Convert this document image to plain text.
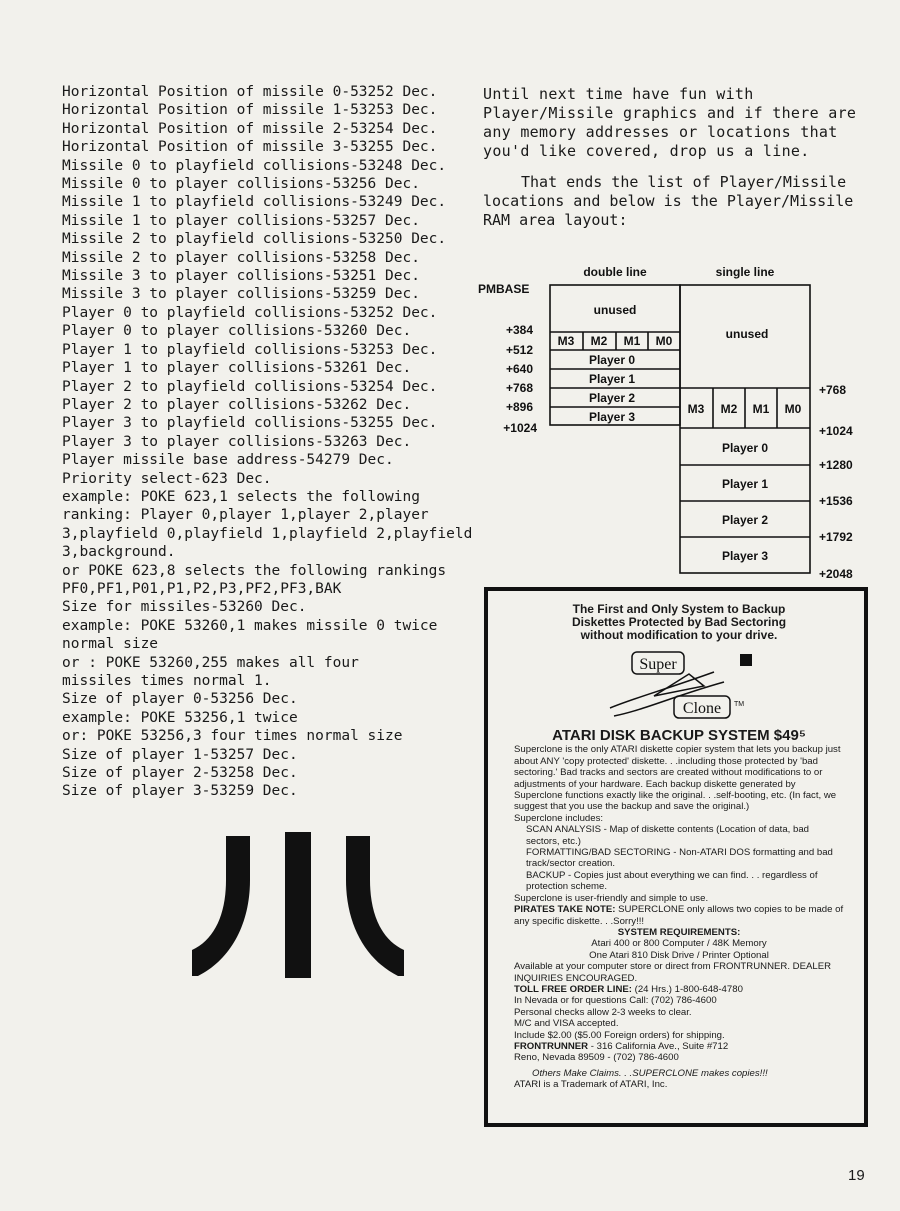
Horizontal Position of missile 0-53252 Dec.
Horizontal Position of missile 1-53253 Dec.
Horizontal Position of missile 2-53254 Dec.
Horizontal Position of missile 3-53255 Dec.
Missile 0 to playfield collisions-53248 Dec.
Missile 0 to player collisions-53256 Dec.
Missile 1 to playfield collisions-53249 Dec.
Missile 1 to player collisions-53257 Dec.
Missile 2 to playfield collisions-53250 Dec.
Missile 2 to player collisions-53258 Dec.
Missile 3 to player collisions-53251 Dec.
Missile 3 to player collisions-53259 Dec.
Player 0 to playfield collisions-53252 Dec.
Player 0 to player collisions-53260 Dec.
Player 1 to playfield collisions-53253 Dec.
Player 1 to player collisions-53261 Dec.
Player 2 to playfield collisions-53254 Dec.
Player 2 to player collisions-53262 Dec.
Player 3 to playfield collisions-53255 Dec.
Player 3 to player collisions-53263 Dec.
Player missile base address-54279 Dec.
Priority select-623 Dec.
example: POKE 623,1 selects the following
ranking: Player 0,player 1,player 2,player
3,playfield 0,playfield 1,playfield 2,playfield
3,background.
or POKE 623,8 selects the following rankings
PF0,PF1,P01,P1,P2,P3,PF2,PF3,BAK
Size for missiles-53260 Dec.
example: POKE 53260,1 makes missile 0 twice
normal size
or : POKE 53260,255 makes all four
missiles times normal 1.
Size of player 0-53256 Dec.
example: POKE 53256,1 twice
or: POKE 53256,3 four times normal size
Size of player 1-53257 Dec.
Size of player 2-53258 Dec.
Size of player 3-53259 Dec.

Until next time have fun with Player/Missile graphics and if there are any memory addresses or locations that you'd like covered, drop us a line.

That ends the list of Player/Missile locations and below is the Player/Missile RAM area layout:

double line	single line
PMBASE
+384
+512
+640
+768
+896
+1024
unused
M3 M2 M1 M0
Player 0
Player 1
Player 2
Player 3
unused
M3 M2 M1 M0
Player 0
Player 1
Player 2
Player 3
+768
+1024
+1280
+1536
+1792
+2048
The First and Only System to Backup
Diskettes Protected by Bad Sectoring
without modification to your drive.
Super
Clone TM
ATARI DISK BACKUP SYSTEM $49⁵
Superclone is the only ATARI diskette copier system that lets you backup just about ANY 'copy protected' diskette. . .including those protected by 'bad sectoring.' Bad tracks and sectors are created without modifications to or adjustments of your hardware. Each backup diskette generated by Superclone functions exactly like the original. . .self-booting, etc. (In fact, we suggest that you use the backup and save the original.)
Superclone includes:
SCAN ANALYSIS - Map of diskette contents (Location of data, bad sectors, etc.)
FORMATTING/BAD SECTORING - Non-ATARI DOS formatting and bad track/sector creation.
BACKUP - Copies just about everything we can find. . . regardless of protection scheme.
Superclone is user-friendly and simple to use.
PIRATES TAKE NOTE: SUPERCLONE only allows two copies to be made of any specific diskette. . .Sorry!!!
SYSTEM REQUIREMENTS:
Atari 400 or 800 Computer / 48K Memory
One Atari 810 Disk Drive / Printer Optional
Available at your computer store or direct from FRONTRUNNER. DEALER INQUIRIES ENCOURAGED.
TOLL FREE ORDER LINE: (24 Hrs.) 1-800-648-4780
In Nevada or for questions Call: (702) 786-4600
Personal checks allow 2-3 weeks to clear.
M/C and VISA accepted.
Include $2.00 ($5.00 Foreign orders) for shipping.
FRONTRUNNER - 316 California Ave., Suite #712
Reno, Nevada 89509 - (702) 786-4600
Others Make Claims. . .SUPERCLONE makes copies!!!
ATARI is a Trademark of ATARI, Inc.
19
